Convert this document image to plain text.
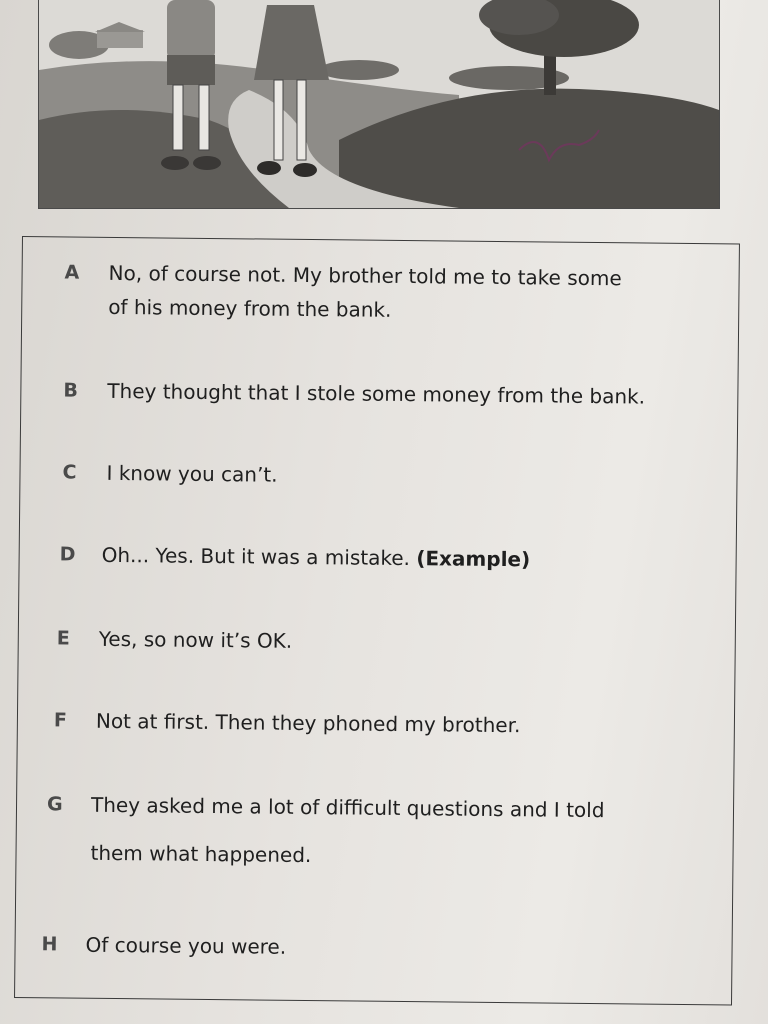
A No, of course not. My brother told me to take some
of his money from the bank.
B They thought that I stole some money from the bank.
C I know you can’t.
D Oh... Yes. But it was a mistake. (Example)
E Yes, so now it’s OK.
F Not at first. Then they phoned my brother.
G They asked me a lot of difficult questions and I told
them what happened.
H Of course you were.
